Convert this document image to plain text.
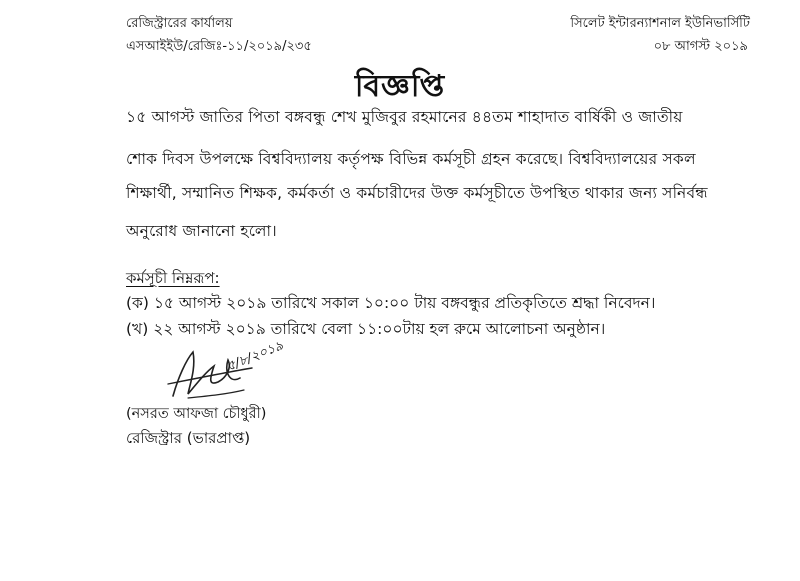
রেজিস্ট্রারের কার্যালয়
এসআইইউ/রেজিঃ-১১/২০১৯/২৩৫
সিলেট ইন্টারন্যাশনাল ইউনিভার্সিটি
০৮ আগস্ট ২০১৯
বিজ্ঞপ্তি
১৫ আগস্ট জাতির পিতা বঙ্গবন্ধু শেখ মুজিবুর রহমানের ৪৪তম শাহাদাত বার্ষিকী ও জাতীয়
শোক দিবস উপলক্ষে বিশ্ববিদ্যালয় কর্তৃপক্ষ বিভিন্ন কর্মসূচী গ্রহন করেছে। বিশ্ববিদ্যালয়ের সকল
শিক্ষার্থী, সম্মানিত শিক্ষক, কর্মকর্তা ও কর্মচারীদের উক্ত কর্মসূচীতে উপস্থিত থাকার জন্য সনির্বন্ধ
অনুরোধ জানানো হলো।
কর্মসূচী নিম্নরূপ:
(ক) ১৫ আগস্ট ২০১৯ তারিখে সকাল ১০:০০ টায় বঙ্গবন্ধুর প্রতিকৃতিতে শ্রদ্ধা নিবেদন।
(খ) ২২ আগস্ট ২০১৯ তারিখে বেলা ১১:০০টায় হল রুমে আলোচনা অনুষ্ঠান।
৫/৮/২০১৯
(নসরত আফজা চৌধুরী)
রেজিস্ট্রার (ভারপ্রাপ্ত)
